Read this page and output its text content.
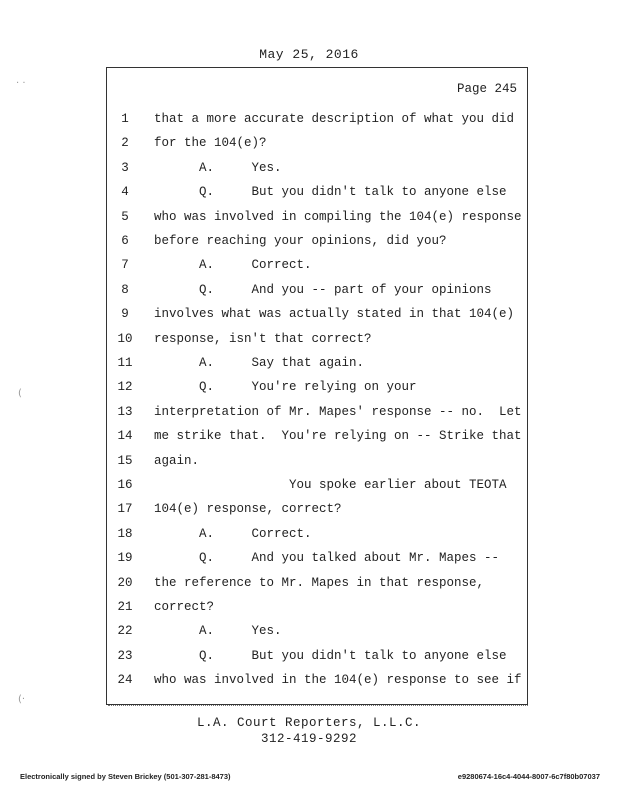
May 25, 2016
Page 245
1	that a more accurate description of what you did
2	for the 104(e)?
3	A.     Yes.
4	Q.     But you didn't talk to anyone else
5	who was involved in compiling the 104(e) response
6	before reaching your opinions, did you?
7	A.     Correct.
8	Q.     And you -- part of your opinions
9	involves what was actually stated in that 104(e)
10 response, isn't that correct?
11 A.     Say that again.
12 Q.     You're relying on your
13 interpretation of Mr. Mapes' response -- no.  Let
14 me strike that.  You're relying on -- Strike that
15 again.
16 You spoke earlier about TEOTA
17 104(e) response, correct?
18 A.     Correct.
19 Q.     And you talked about Mr. Mapes --
20 the reference to Mr. Mapes in that response,
21 correct?
22 A.     Yes.
23 Q.     But you didn't talk to anyone else
24 who was involved in the 104(e) response to see if
L.A. Court Reporters, L.L.C.
312-419-9292
Electronically signed by Steven Brickey (501-307-281-8473)	e9280674-16c4-4044-8007-6c7f80b07037
· ·
(
(·
